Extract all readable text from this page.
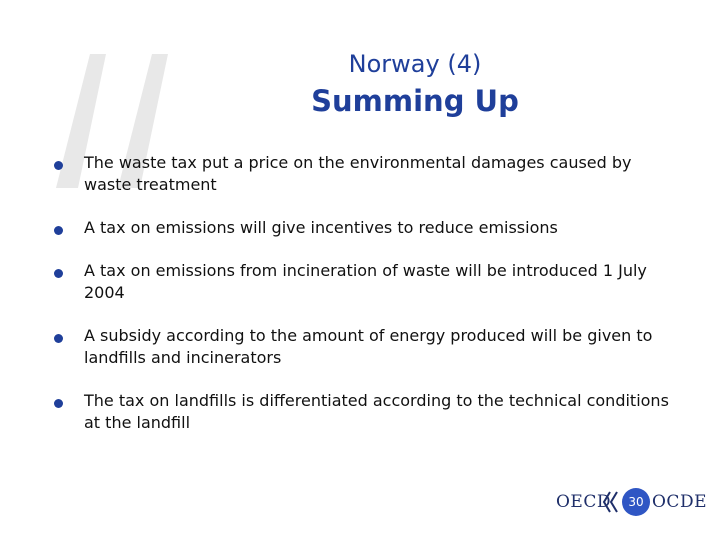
Norway (4)
Summing Up
The waste tax put a price on the environmental damages caused by waste treatment
A tax on emissions will give incentives to reduce emissions
A tax on emissions from incineration of waste will be introduced 1 July 2004
A subsidy according to the amount of energy produced will be given to landfills and incinerators
The tax on landfills is differentiated according to the technical conditions at the landfill
OECD OCDE
30
